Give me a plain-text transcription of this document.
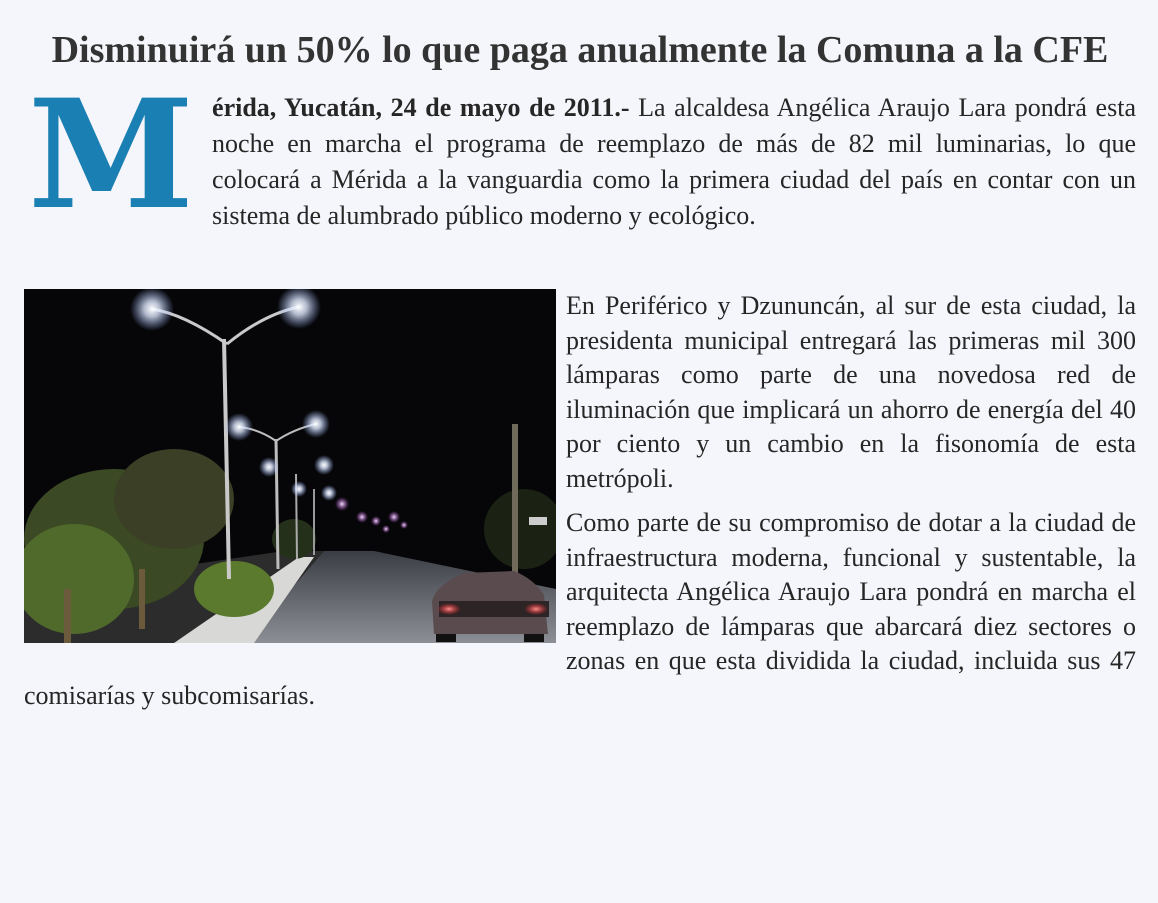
Disminuirá un 50% lo que paga anualmente la Comuna a la CFE

Mérida, Yucatán, 24 de mayo de 2011.- La alcaldesa Angélica Araujo Lara pondrá esta noche en marcha el programa de reemplazo de más de 82 mil luminarias, lo que colocará a Mérida a la vanguardia como la primera ciudad del país en contar con un sistema de alumbrado público moderno y ecológico.

En Periférico y Dzununcán, al sur de esta ciudad, la presidenta municipal entregará las primeras mil 300 lámparas como parte de una novedosa red de iluminación que implicará un ahorro de energía del 40 por ciento y un cambio en la fisonomía de esta metrópoli.

Como parte de su compromiso de dotar a la ciudad de infraestructura moderna, funcional y sustentable, la arquitecta Angélica Araujo Lara pondrá en marcha el reemplazo de lámparas que abarcará diez sectores o zonas en que esta dividida la ciudad, incluida sus 47 comisarías y subcomisarías.
